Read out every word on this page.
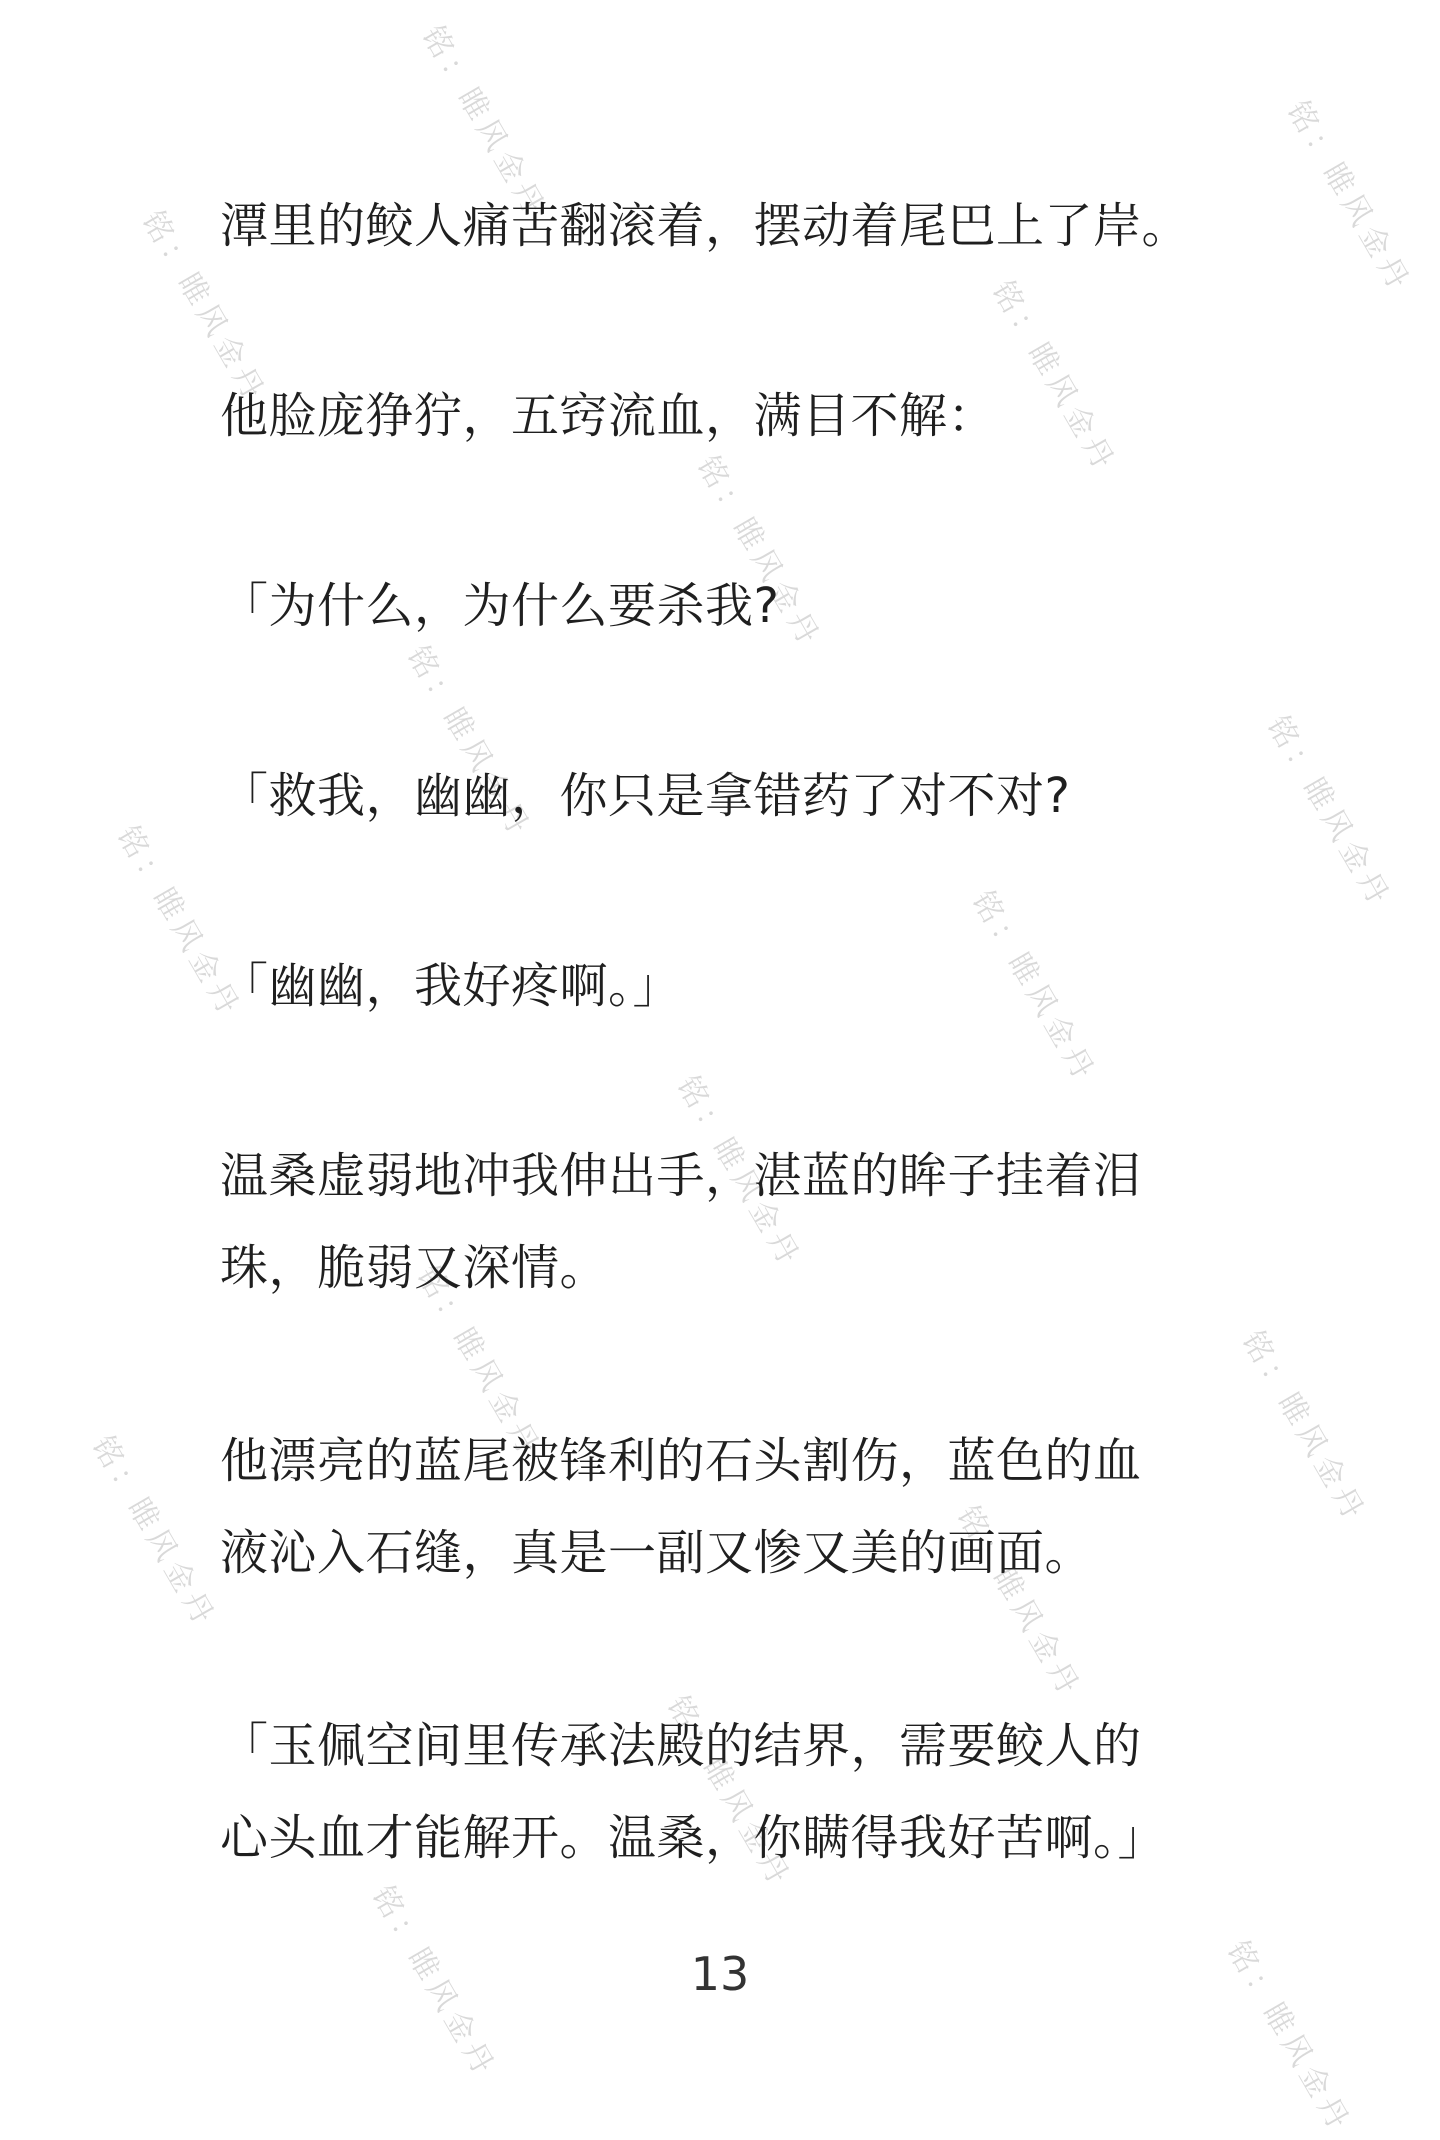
铭：睢风金丹
铭：睢风金丹
铭：睢风金丹
铭：睢风金丹
铭：睢风金丹
铭：睢风金丹	铭：睢风金丹
铭：睢风金丹	铭：睢风金丹
铭：睢风金丹
铭：睢风金丹	铭：睢风金丹
铭：睢风金丹	铭：睢风金丹
铭：睢风金丹
铭：睢风金丹	铭：睢风金丹
潭里的鲛人痛苦翻滚着，摆动着尾巴上了岸。
他脸庞狰狞，五窍流血，满目不解：
「为什么，为什么要杀我?
「救我，幽幽，你只是拿错药了对不对?
「幽幽，我好疼啊。」
温桑虚弱地冲我伸出手，湛蓝的眸子挂着泪
珠，脆弱又深情。
他漂亮的蓝尾被锋利的石头割伤，蓝色的血
液沁入石缝，真是一副又惨又美的画面。
「玉佩空间里传承法殿的结界，需要鲛人的
心头血才能解开。温桑，你瞒得我好苦啊。」
13
